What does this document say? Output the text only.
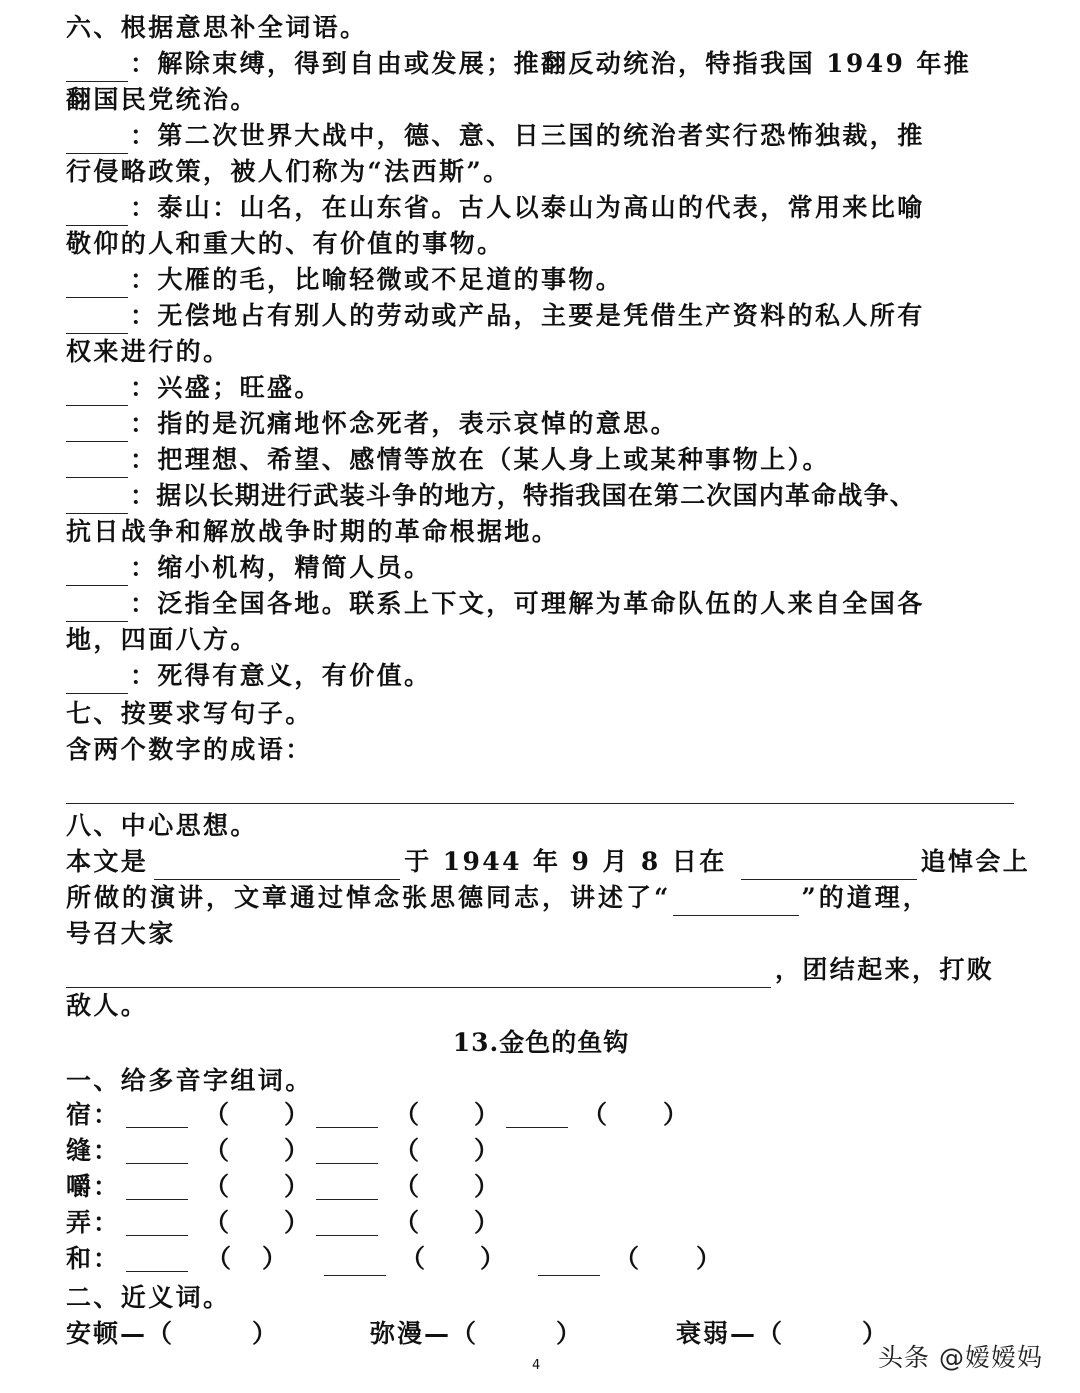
六、根据意思补全词语。
：解除束缚，得到自由或发展；推翻反动统治，特指我国 1949 年推
翻国民党统治。
：第二次世界大战中，德、意、日三国的统治者实行恐怖独裁，推
行侵略政策，被人们称为“法西斯”。
：泰山：山名，在山东省。古人以泰山为高山的代表，常用来比喻
敬仰的人和重大的、有价值的事物。
：大雁的毛，比喻轻微或不足道的事物。
：无偿地占有别人的劳动或产品，主要是凭借生产资料的私人所有
权来进行的。
：兴盛；旺盛。
：指的是沉痛地怀念死者，表示哀悼的意思。
：把理想、希望、感情等放在（某人身上或某种事物上）。
：据以长期进行武装斗争的地方，特指我国在第二次国内革命战争、
抗日战争和解放战争时期的革命根据地。
：缩小机构，精简人员。
：泛指全国各地。联系上下文，可理解为革命队伍的人来自全国各
地，四面八方。
：死得有意义，有价值。
七、按要求写句子。
含两个数字的成语：
八、中心思想。
本文是	于 1944 年 9 月 8 日在	追悼会上
所做的演讲，文章通过悼念张思德同志，讲述了“	”的道理，
号召大家
，团结起来，打败
敌人。
13.金色的鱼钩
一、给多音字组词。
宿：	（ ）	（ ）	（ ）
缝：	（ ）	（ ）
嚼：	（ ）	（ ）
弄：	（ ）	（ ）
和：	（ ）	（ ）	（ ）
二、近义词。
安顿—（	）	弥漫—（	）	衰弱—（	）
4	头条 @嫒嫒妈
